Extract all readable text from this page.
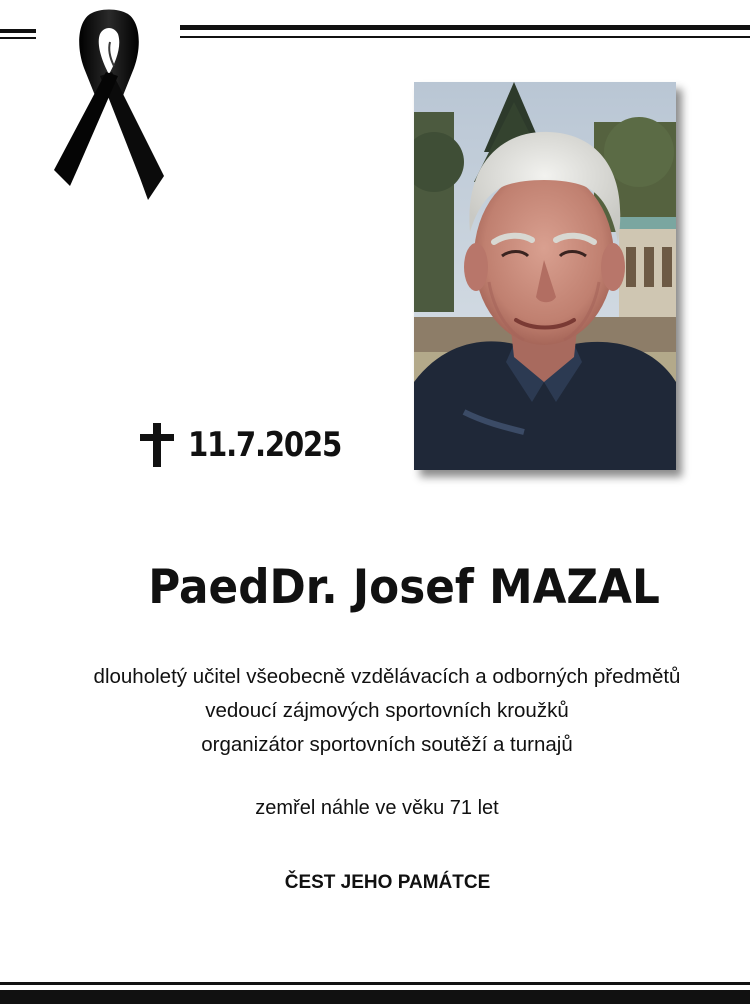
11.7.2025
PaedDr. Josef MAZAL
dlouholetý učitel všeobecně vzdělávacích a odborných předmětů
vedoucí zájmových sportovních kroužků
organizátor sportovních soutěží a turnajů
zemřel náhle ve věku 71 let
ČEST JEHO PAMÁTCE
